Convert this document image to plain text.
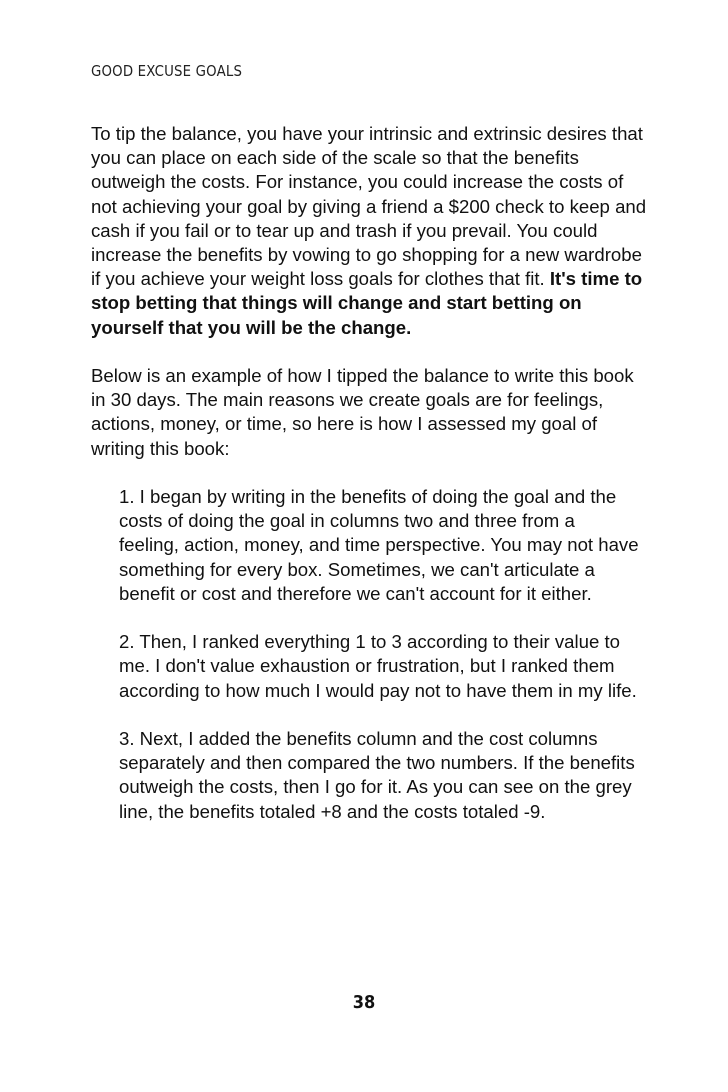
GOOD EXCUSE GOALS

To tip the balance, you have your intrinsic and extrinsic desires that you can place on each side of the scale so that the benefits outweigh the costs. For instance, you could increase the costs of not achieving your goal by giving a friend a $200 check to keep and cash if you fail or to tear up and trash if you prevail. You could increase the benefits by vowing to go shopping for a new wardrobe if you achieve your weight loss goals for clothes that fit. It's time to stop betting that things will change and start betting on yourself that you will be the change.

Below is an example of how I tipped the balance to write this book in 30 days. The main reasons we create goals are for feelings, actions, money, or time, so here is how I assessed my goal of writing this book:

1. I began by writing in the benefits of doing the goal and the costs of doing the goal in columns two and three from a feeling, action, money, and time perspective. You may not have something for every box. Sometimes, we can't articulate a benefit or cost and therefore we can't account for it either.

2. Then, I ranked everything 1 to 3 according to their value to me. I don't value exhaustion or frustration, but I ranked them according to how much I would pay not to have them in my life.

3. Next, I added the benefits column and the cost columns separately and then compared the two numbers. If the benefits outweigh the costs, then I go for it. As you can see on the grey line, the benefits totaled +8 and the costs totaled -9.

38
